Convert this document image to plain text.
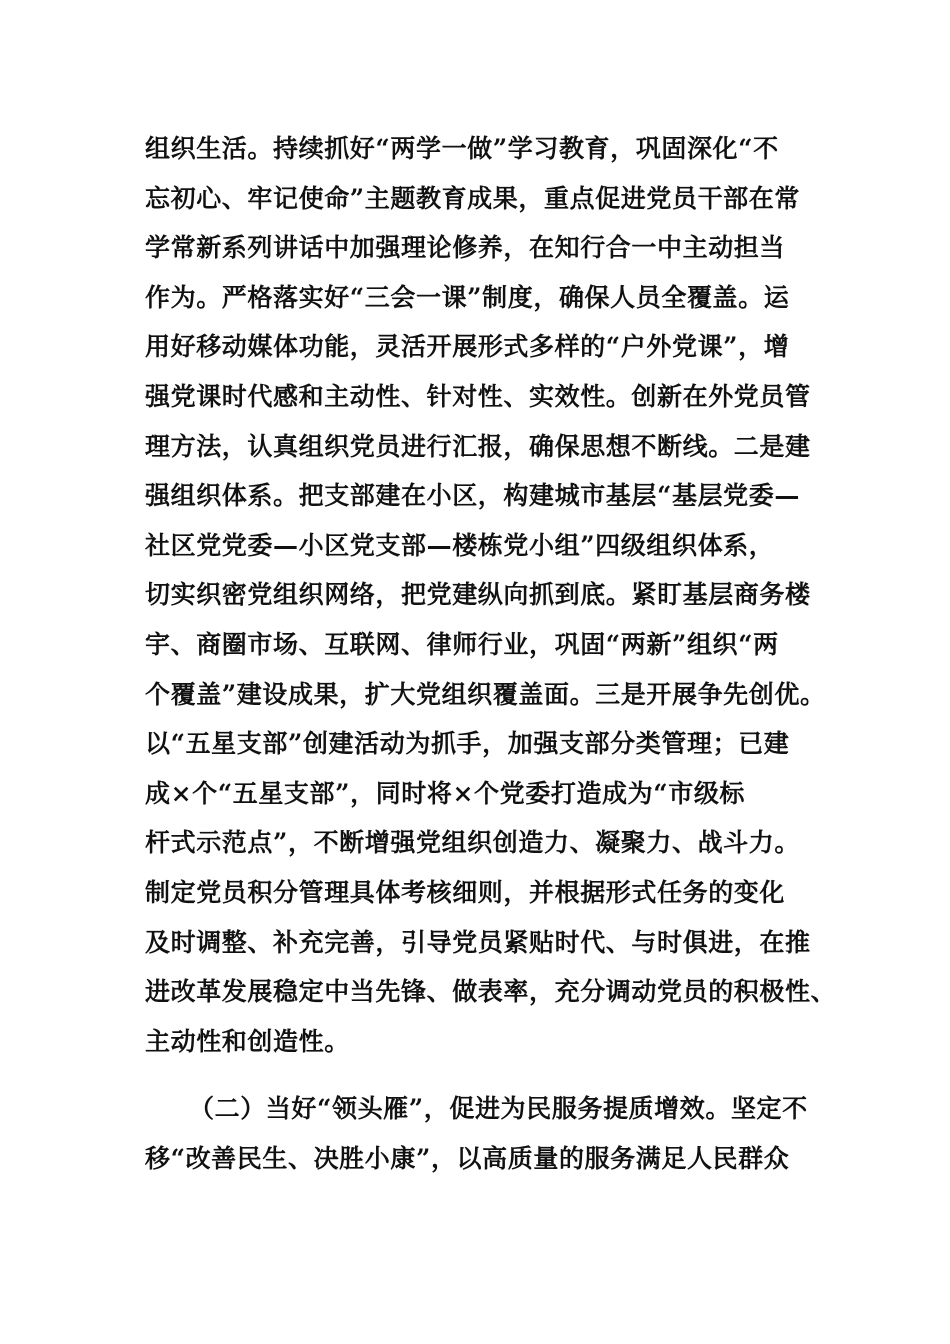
组织生活。持续抓好“两学一做”学习教育，巩固深化“不
忘初心、牢记使命”主题教育成果，重点促进党员干部在常
学常新系列讲话中加强理论修养，在知行合一中主动担当
作为。严格落实好“三会一课”制度，确保人员全覆盖。运
用好移动媒体功能，灵活开展形式多样的“户外党课”，增
强党课时代感和主动性、针对性、实效性。创新在外党员管
理方法，认真组织党员进行汇报，确保思想不断线。二是建
强组织体系。把支部建在小区，构建城市基层“基层党委—
社区党党委—小区党支部—楼栋党小组”四级组织体系，
切实织密党组织网络，把党建纵向抓到底。紧盯基层商务楼
宇、商圈市场、互联网、律师行业，巩固“两新”组织“两
个覆盖”建设成果，扩大党组织覆盖面。三是开展争先创优。
以“五星支部”创建活动为抓手，加强支部分类管理；已建
成×个“五星支部”，同时将×个党委打造成为“市级标
杆式示范点”，不断增强党组织创造力、凝聚力、战斗力。
制定党员积分管理具体考核细则，并根据形式任务的变化
及时调整、补充完善，引导党员紧贴时代、与时俱进，在推
进改革发展稳定中当先锋、做表率，充分调动党员的积极性、
主动性和创造性。
（二）当好“领头雁”，促进为民服务提质增效。坚定不
移“改善民生、决胜小康”，以高质量的服务满足人民群众
